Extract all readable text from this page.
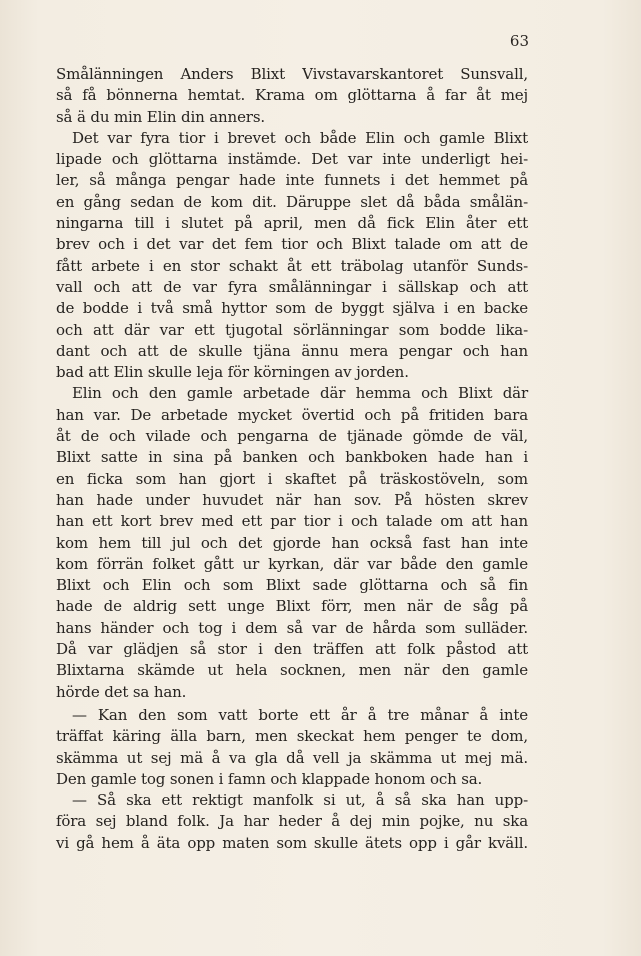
63
Smålänningen Anders Blixt Vivstavarskantoret Sunsvall,
så få bönnerna hemtat. Krama om glöttarna å far åt mej
så ä du min Elin din anners.
Det var fyra tior i brevet och både Elin och gamle Blixt
lipade och glöttarna instämde. Det var inte underligt hei-
ler, så många pengar hade inte funnets i det hemmet på
en gång sedan de kom dit. Däruppe slet då båda smålän-
ningarna till i slutet på april, men då fick Elin åter ett
brev och i det var det fem tior och Blixt talade om att de
fått arbete i en stor schakt åt ett träbolag utanför Sunds-
vall och att de var fyra smålänningar i sällskap och att
de bodde i två små hyttor som de byggt själva i en backe
och att där var ett tjugotal sörlänningar som bodde lika-
dant och att de skulle tjäna ännu mera pengar och han
bad att Elin skulle leja för körningen av jorden.
Elin och den gamle arbetade där hemma och Blixt där
han var. De arbetade mycket övertid och på fritiden bara
åt de och vilade och pengarna de tjänade gömde de väl,
Blixt satte in sina på banken och bankboken hade han i
en ficka som han gjort i skaftet på träskostöveln, som
han hade under huvudet när han sov. På hösten skrev
han ett kort brev med ett par tior i och talade om att han
kom hem till jul och det gjorde han också fast han inte
kom förrän folket gått ur kyrkan, där var både den gamle
Blixt och Elin och som Blixt sade glöttarna och så fin
hade de aldrig sett unge Blixt förr, men när de såg på
hans händer och tog i dem så var de hårda som sulläder.
Då var glädjen så stor i den träffen att folk påstod att
Blixtarna skämde ut hela socknen, men när den gamle
hörde det sa han.
— Kan den som vatt borte ett år å tre månar å inte
träffat käring älla barn, men skeckat hem penger te dom,
skämma ut sej mä å va gla då vell ja skämma ut mej mä.
Den gamle tog sonen i famn och klappade honom och sa.
— Så ska ett rektigt manfolk si ut, å så ska han upp-
föra sej bland folk. Ja har heder å dej min pojke, nu ska
vi gå hem å äta opp maten som skulle ätets opp i går kväll.
